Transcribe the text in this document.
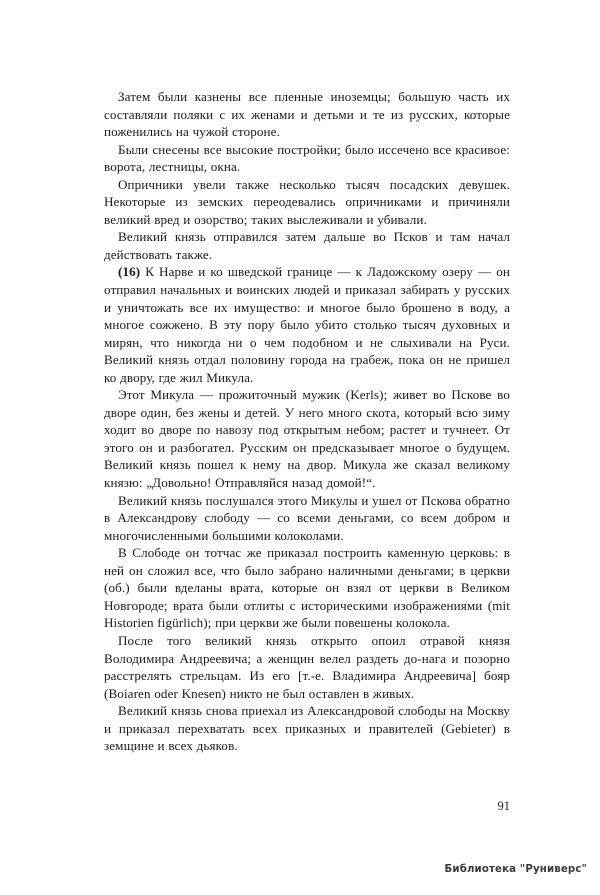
Затем были казнены все пленные иноземцы; большую часть их составляли поляки с их женами и детьми и те из русских, которые поженились на чужой стороне.

Были снесены все высокие постройки; было иссечено все красивое: ворота, лестницы, окна.

Опричники увели также несколько тысяч посадских девушек. Некоторые из земских переодевались опричниками и причиняли великий вред и озорство; таких выслеживали и убивали.

Великий князь отправился затем дальше во Псков и там начал действовать также.

(16) К Нарве и ко шведской границе — к Ладожскому озеру — он отправил начальных и воинских людей и приказал забирать у русских и уничтожать все их имущество: и многое было брошено в воду, а многое сожжено. В эту пору было убито столько тысяч духовных и мирян, что никогда ни о чем подобном и не слыхивали на Руси. Великий князь отдал половину города на грабеж, пока он не пришел ко двору, где жил Микула.

Этот Микула — прожиточный мужик (Kerls); живет во Пскове во дворе один, без жены и детей. У него много скота, который всю зиму ходит во дворе по навозу под открытым небом; растет и тучнеет. От этого он и разбогател. Русским он предсказывает многое о будущем. Великий князь пошел к нему на двор. Микула же сказал великому князю: „Довольно! Отправляйся назад домой!“.

Великий князь послушался этого Микулы и ушел от Пскова обратно в Александрову слободу — со всеми деньгами, со всем добром и многочисленными большими колоколами.

В Слободе он тотчас же приказал построить каменную церковь: в ней он сложил все, что было забрано наличными деньгами; в церкви (об.) были вделаны врата, которые он взял от церкви в Великом Новгороде; врата были отлиты с историческими изображениями (mit Historien figürlich); при церкви же были повешены колокола.

После того великий князь открыто опоил отравой князя Володимира Андреевича; а женщин велел раздеть до-нага и позорно расстрелять стрельцам. Из его [т.-е. Владимира Андреевича] бояр (Boiaren oder Knesen) никто не был оставлен в живых.

Великий князь снова приехал из Александровой слободы на Москву и приказал перехватать всех приказных и правителей (Gebieter) в земщине и всех дьяков.

91
Библиотека "Руниверс"
